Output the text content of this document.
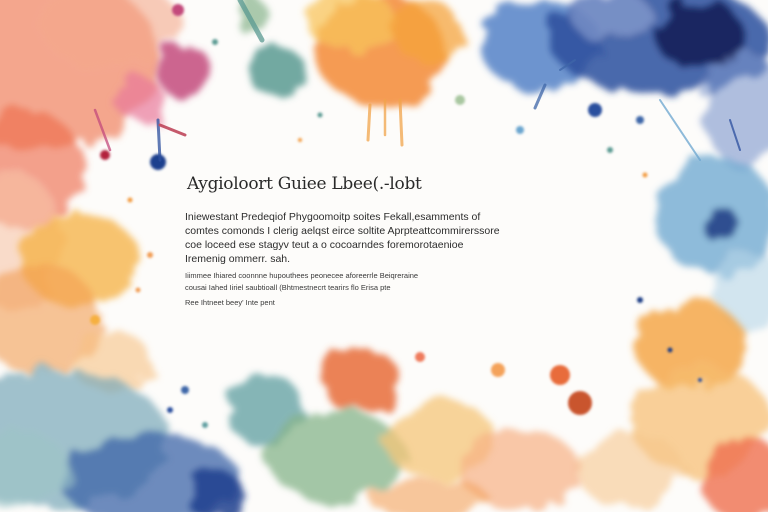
Aygioloort Guiee Lbee(.-lobt
Iniewestant Predeqiof Phygoomoitp soites Fekall,esamments of
comtes comonds I clerig aelqst eirce soltite Aprpteattcommirerssore
coe loceed ese stagyv teut a o cocoarndes foremorotaenioe
Iremenig ommerr. sah.
Iiimmee Ihiared coonnne hupouthees peonecee aforeerrle Beiqreraine
cousai Iahed Iiriel saubtioall (Bhtmestnecrt tearirs flo Erisa pte
Ree Ihtneet beey' Inte pent
